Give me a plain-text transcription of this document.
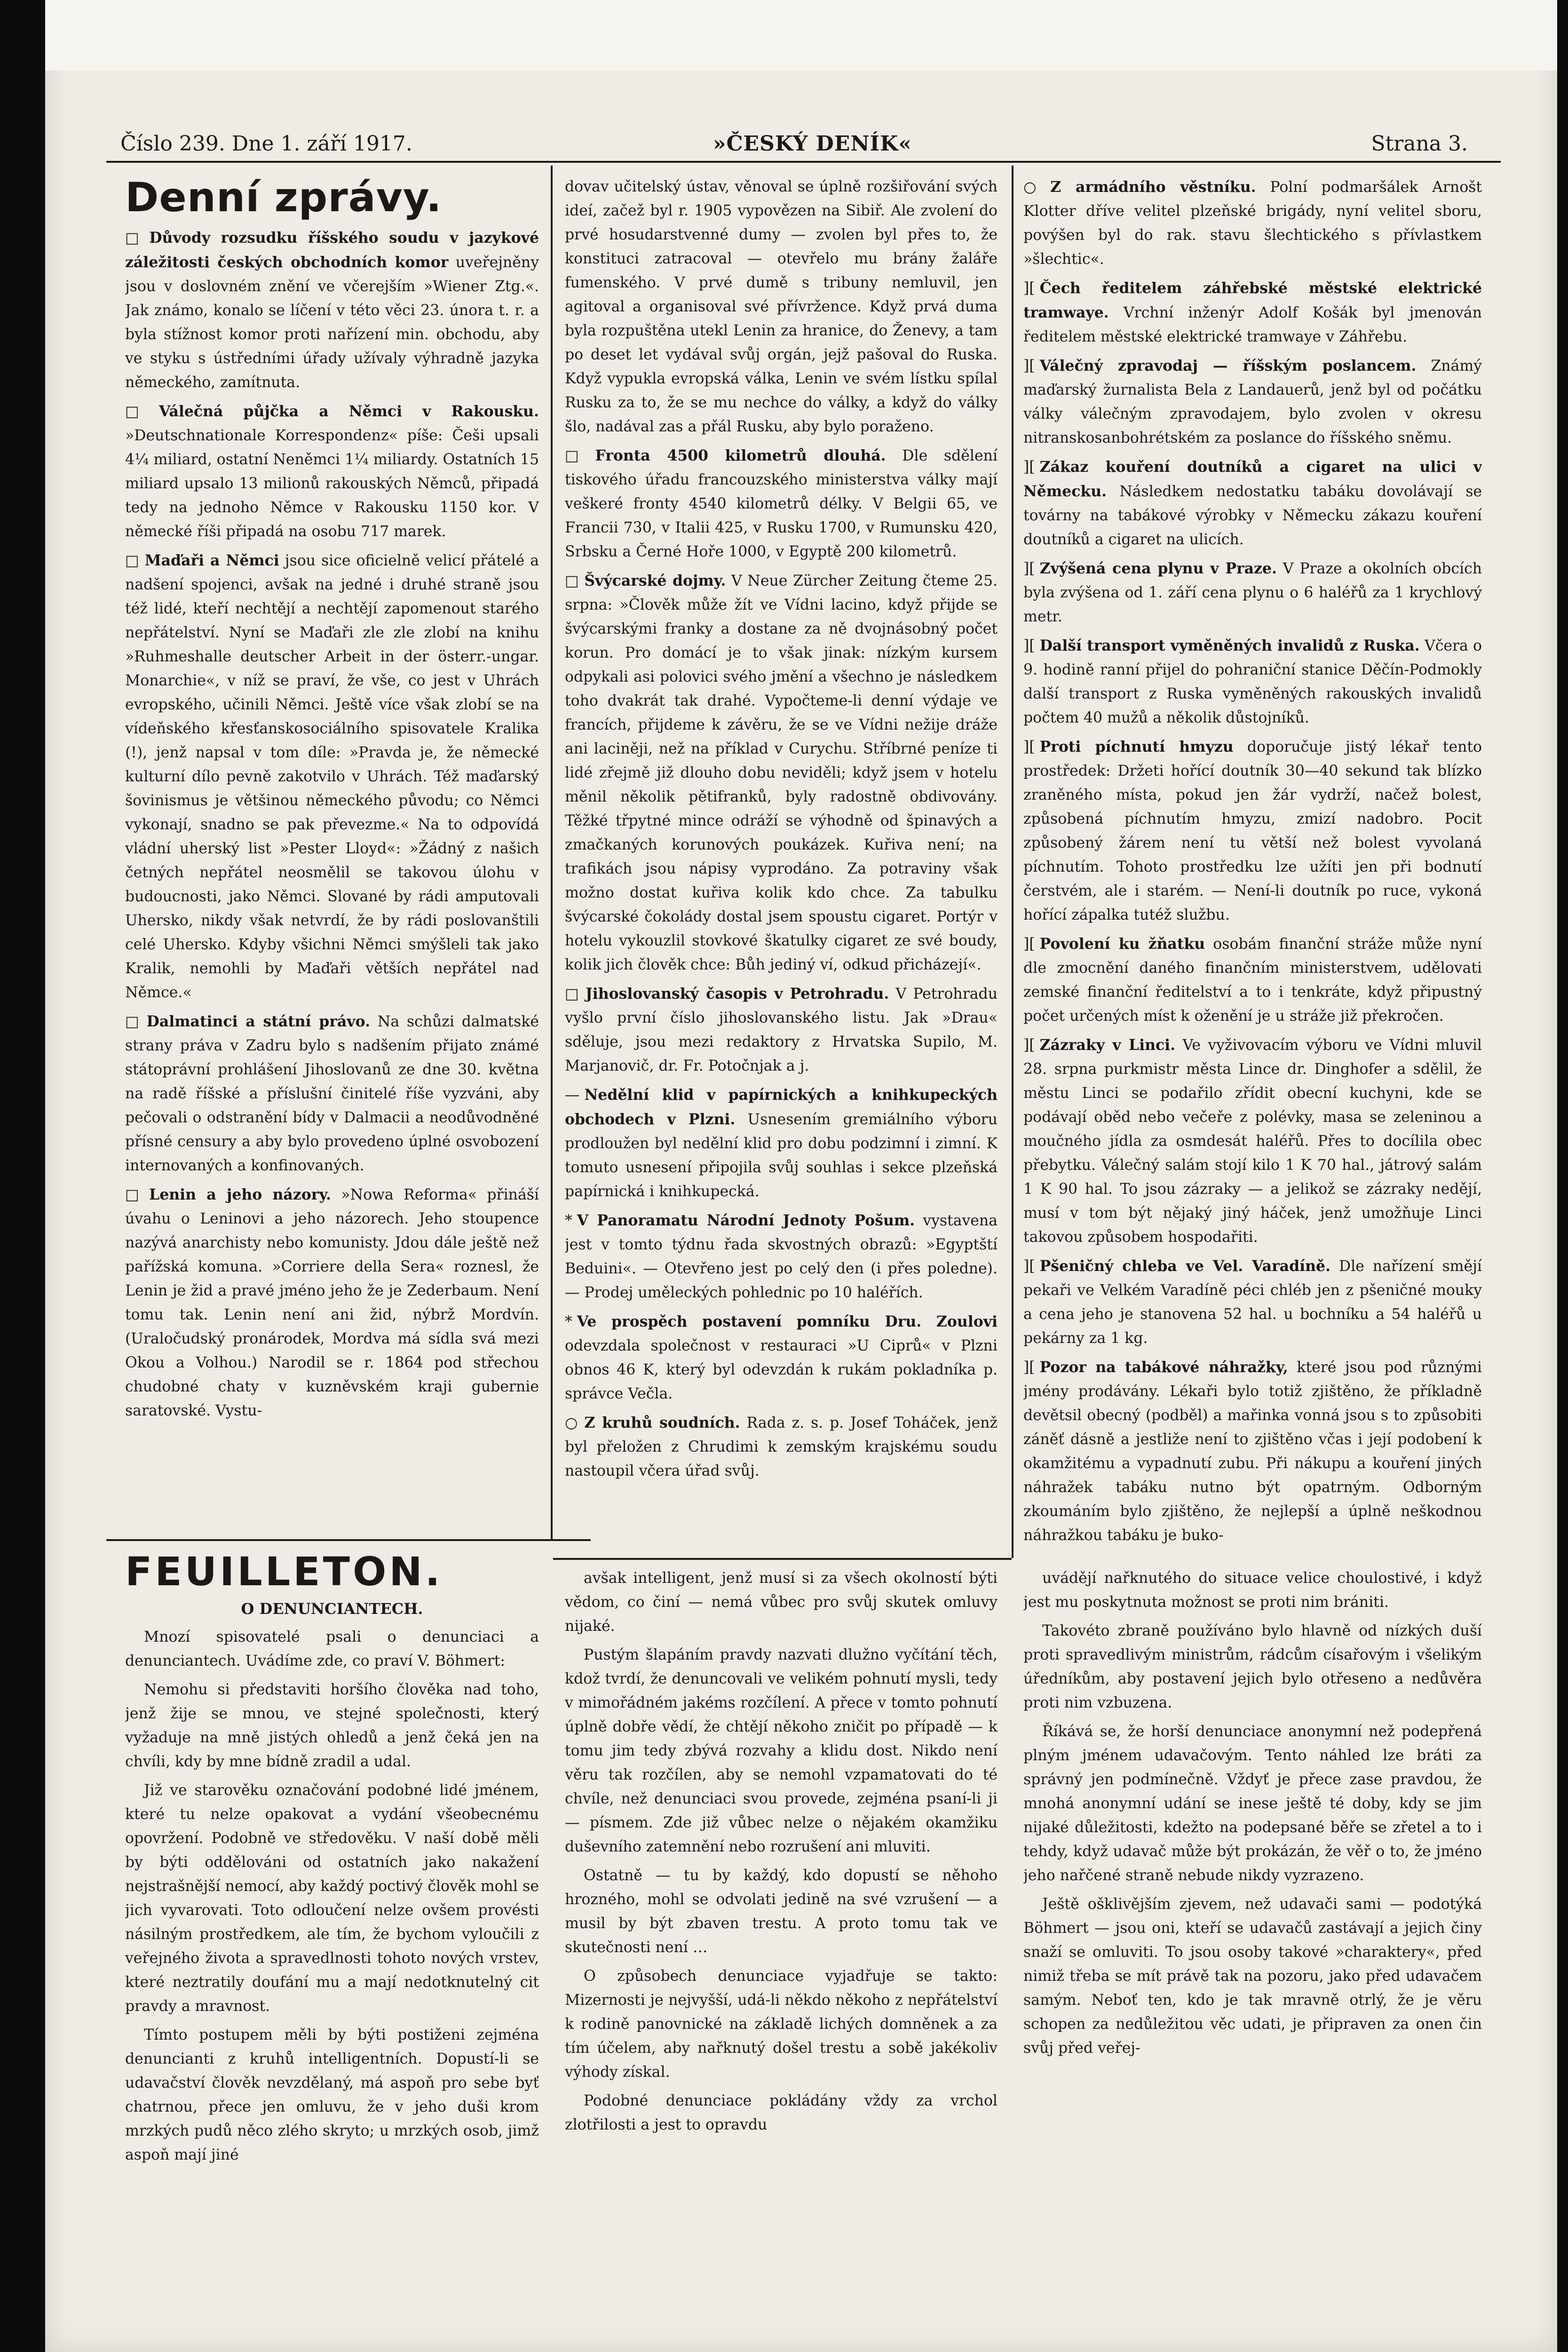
Číslo 239. Dne 1. září 1917.	»ČESKÝ DENÍK«	Strana 3.
Denní zprávy.

□ Důvody rozsudku říšského soudu v jazykové záležitosti českých obchodních komor uveřejněny jsou v doslovném znění ve včerejším »Wiener Ztg.«. Jak známo, konalo se líčení v této věci 23. února t. r. a byla stížnost komor proti nařízení min. obchodu, aby ve styku s ústředními úřady užívaly výhradně jazyka německého, zamítnuta.

□ Válečná půjčka a Němci v Rakousku. »Deutschnationale Korrespondenz« píše: Češi upsali 4¼ miliard, ostatní Neněmci 1¼ miliardy. Ostatních 15 miliard upsalo 13 milionů rakouských Němců, připadá tedy na jednoho Němce v Rakousku 1150 kor. V německé říši připadá na osobu 717 marek.

□ Maďaři a Němci jsou sice oficielně velicí přátelé a nadšení spojenci, avšak na jedné i druhé straně jsou též lidé, kteří nechtějí a nechtějí zapomenout starého nepřátelství. Nyní se Maďaři zle zle zlobí na knihu »Ruhmeshalle deutscher Arbeit in der österr.-ungar. Monarchie«, v níž se praví, že vše, co jest v Uhrách evropského, učinili Němci. Ještě více však zlobí se na vídeňského křesťanskosociálního spisovatele Kralika (!), jenž napsal v tom díle: »Pravda je, že německé kulturní dílo pevně zakotvilo v Uhrách. Též maďarský šovinismus je většinou německého původu; co Němci vykonají, snadno se pak převezme.« Na to odpovídá vládní uherský list »Pester Lloyd«: »Žádný z našich četných nepřátel neosmělil se takovou úlohu v budoucnosti, jako Němci. Slované by rádi amputovali Uhersko, nikdy však netvrdí, že by rádi poslovanštili celé Uhersko. Kdyby všichni Němci smýšleli tak jako Kralik, nemohli by Maďaři větších nepřátel nad Němce.«

□ Dalmatinci a státní právo. Na schůzi dalmatské strany práva v Zadru bylo s nadšením přijato známé státoprávní prohlášení Jihoslovanů ze dne 30. května na radě říšské a příslušní činitelé říše vyzváni, aby pečovali o odstranění bídy v Dalmacii a neodůvodněné přísné censury a aby bylo provedeno úplné osvobození internovaných a konfinovaných.

□ Lenin a jeho názory. »Nowa Reforma« přináší úvahu o Leninovi a jeho názorech. Jeho stoupence nazývá anarchisty nebo komunisty. Jdou dále ještě než pařížská komuna. »Corriere della Sera« roznesl, že Lenin je žid a pravé jméno jeho že je Zederbaum. Není tomu tak. Lenin není ani žid, nýbrž Mordvín. (Uraločudský pronárodek, Mordva má sídla svá mezi Okou a Volhou.) Narodil se r. 1864 pod střechou chudobné chaty v kuzněvském kraji gubernie saratovské. Vystu-

dovav učitelský ústav, věnoval se úplně rozšiřování svých ideí, začež byl r. 1905 vypovězen na Sibiř. Ale zvolení do prvé hosudarstvenné dumy — zvolen byl přes to, že konstituci zatracoval — otevřelo mu brány žaláře fumenského. V prvé dumě s tribuny nemluvil, jen agitoval a organisoval své přívržence. Když prvá duma byla rozpuštěna utekl Lenin za hranice, do Ženevy, a tam po deset let vydával svůj orgán, jejž pašoval do Ruska. Když vypukla evropská válka, Lenin ve svém lístku spílal Rusku za to, že se mu nechce do války, a když do války šlo, nadával zas a přál Rusku, aby bylo poraženo.

□ Fronta 4500 kilometrů dlouhá. Dle sdělení tiskového úřadu francouzského ministerstva války mají veškeré fronty 4540 kilometrů délky. V Belgii 65, ve Francii 730, v Italii 425, v Rusku 1700, v Rumunsku 420, Srbsku a Černé Hoře 1000, v Egyptě 200 kilometrů.

□ Švýcarské dojmy. V Neue Zürcher Zeitung čteme 25. srpna: »Člověk může žít ve Vídni lacino, když přijde se švýcarskými franky a dostane za ně dvojnásobný počet korun. Pro domácí je to však jinak: nízkým kursem odpykali asi polovici svého jmění a všechno je následkem toho dvakrát tak drahé. Vypočteme-li denní výdaje ve francích, přijdeme k závěru, že se ve Vídni nežije dráže ani laciněji, než na příklad v Curychu. Stříbrné peníze ti lidé zřejmě již dlouho dobu neviděli; když jsem v hotelu měnil několik pětifranků, byly radostně obdivovány. Těžké třpytné mince odráží se výhodně od špinavých a zmačkaných korunových poukázek. Kuřiva není; na trafikách jsou nápisy vyprodáno. Za potraviny však možno dostat kuřiva kolik kdo chce. Za tabulku švýcarské čokolády dostal jsem spoustu cigaret. Portýr v hotelu vykouzlil stovkové škatulky cigaret ze své boudy, kolik jich člověk chce: Bůh jediný ví, odkud přicházejí«.

□ Jihoslovanský časopis v Petrohradu. V Petrohradu vyšlo první číslo jihoslovanského listu. Jak »Drau« sděluje, jsou mezi redaktory z Hrvatska Supilo, M. Marjanovič, dr. Fr. Potočnjak a j.

— Nedělní klid v papírnických a knihkupeckých obchodech v Plzni. Usnesením gremiálního výboru prodloužen byl nedělní klid pro dobu podzimní i zimní. K tomuto usnesení připojila svůj souhlas i sekce plzeňská papírnická i knihkupecká.

* V Panoramatu Národní Jednoty Pošum. vystavena jest v tomto týdnu řada skvostných obrazů: »Egyptští Beduini«. — Otevřeno jest po celý den (i přes poledne). — Prodej uměleckých pohlednic po 10 haléřích.

* Ve prospěch postavení pomníku Dru. Zoulovi odevzdala společnost v restauraci »U Ciprů« v Plzni obnos 46 K, který byl odevzdán k rukám pokladníka p. správce Večla.

○ Z kruhů soudních. Rada z. s. p. Josef Toháček, jenž byl přeložen z Chrudimi k zemským krajskému soudu nastoupil včera úřad svůj.

○ Z armádního věstníku. Polní podmaršálek Arnošt Klotter dříve velitel plzeňské brigády, nyní velitel sboru, povýšen byl do rak. stavu šlechtického s přívlastkem »šlechtic«.

][ Čech ředitelem záhřebské městské elektrické tramwaye. Vrchní inženýr Adolf Košák byl jmenován ředitelem městské elektrické tramwaye v Záhřebu.

][ Válečný zpravodaj — říšským poslancem. Známý maďarský žurnalista Bela z Landauerů, jenž byl od počátku války válečným zpravodajem, bylo zvolen v okresu nitranskosanbohrétském za poslance do říšského sněmu.

][ Zákaz kouření doutníků a cigaret na ulici v Německu. Následkem nedostatku tabáku dovolávají se továrny na tabákové výrobky v Německu zákazu kouření doutníků a cigaret na ulicích.

][ Zvýšená cena plynu v Praze. V Praze a okolních obcích byla zvýšena od 1. září cena plynu o 6 haléřů za 1 krychlový metr.

][ Další transport vyměněných invalidů z Ruska. Včera o 9. hodině ranní přijel do pohraniční stanice Děčín-Podmokly další transport z Ruska vyměněných rakouských invalidů počtem 40 mužů a několik důstojníků.

][ Proti píchnutí hmyzu doporučuje jistý lékař tento prostředek: Držeti hořící doutník 30—40 sekund tak blízko zraněného místa, pokud jen žár vydrží, načež bolest, způsobená píchnutím hmyzu, zmizí nadobro. Pocit způsobený žárem není tu větší než bolest vyvolaná píchnutím. Tohoto prostředku lze užíti jen při bodnutí čerstvém, ale i starém. — Není-li doutník po ruce, vykoná hořící zápalka tutéž službu.

][ Povolení ku žňatku osobám finanční stráže může nyní dle zmocnění daného finančním ministerstvem, udělovati zemské finanční ředitelství a to i tenkráte, když připustný počet určených míst k oženění je u stráže již překročen.

][ Zázraky v Linci. Ve vyživovacím výboru ve Vídni mluvil 28. srpna purkmistr města Lince dr. Dinghofer a sdělil, že městu Linci se podařilo zřídit obecní kuchyni, kde se podávají oběd nebo večeře z polévky, masa se zeleninou a moučného jídla za osmdesát haléřů. Přes to docílila obec přebytku. Válečný salám stojí kilo 1 K 70 hal., játrový salám 1 K 90 hal. To jsou zázraky — a jelikož se zázraky nedějí, musí v tom být nějaký jiný háček, jenž umožňuje Linci takovou způsobem hospodařiti.

][ Pšeničný chleba ve Vel. Varadíně. Dle nařízení smějí pekaři ve Velkém Varadíně péci chléb jen z pšeničné mouky a cena jeho je stanovena 52 hal. u bochníku a 54 haléřů u pekárny za 1 kg.

][ Pozor na tabákové náhražky, které jsou pod různými jmény prodávány. Lékaři bylo totiž zjištěno, že příkladně devětsil obecný (podběl) a mařinka vonná jsou s to způsobiti záněť dásně a jestliže není to zjištěno včas i její podobení k okamžitému a vypadnutí zubu. Při nákupu a kouření jiných náhražek tabáku nutno být opatrným. Odborným zkoumáním bylo zjištěno, že nejlepší a úplně neškodnou náhražkou tabáku je buko-

FEUILLETON.
O DENUNCIANTECH.

Mnozí spisovatelé psali o denunciaci a denunciantech. Uvádíme zde, co praví V. Böhmert:

Nemohu si představiti horšího člověka nad toho, jenž žije se mnou, ve stejné společnosti, který vyžaduje na mně jistých ohledů a jenž čeká jen na chvíli, kdy by mne bídně zradil a udal.

Již ve starověku označování podobné lidé jménem, které tu nelze opakovat a vydání všeobecnému opovržení. Podobně ve středověku. V naší době měli by býti oddělováni od ostatních jako nakažení nejstrašnější nemocí, aby každý poctivý člověk mohl se jich vyvarovati. Toto odloučení nelze ovšem provésti násilným prostředkem, ale tím, že bychom vyloučili z veřejného života a spravedlnosti tohoto nových vrstev, které neztratily doufání mu a mají nedotknutelný cit pravdy a mravnost.

Tímto postupem měli by býti postiženi zejména denuncianti z kruhů intelligentních. Dopustí-li se udavačství člověk nevzdělaný, má aspoň pro sebe byť chatrnou, přece jen omluvu, že v jeho duši krom mrzkých pudů něco zlého skryto; u mrzkých osob, jimž aspoň mají jiné

avšak intelligent, jenž musí si za všech okolností býti vědom, co činí — nemá vůbec pro svůj skutek omluvy nijaké.

Pustým šlapáním pravdy nazvati dlužno vyčítání těch, kdož tvrdí, že denuncovali ve velikém pohnutí mysli, tedy v mimořádném jakéms rozčílení. A přece v tomto pohnutí úplně dobře vědí, že chtějí někoho zničit po případě — k tomu jim tedy zbývá rozvahy a klidu dost. Nikdo není věru tak rozčílen, aby se nemohl vzpamatovati do té chvíle, než denunciaci svou provede, zejména psaní-li ji — písmem. Zde již vůbec nelze o nějakém okamžiku duševního zatemnění nebo rozrušení ani mluviti.

Ostatně — tu by každý, kdo dopustí se něhoho hrozného, mohl se odvolati jedině na své vzrušení — a musil by být zbaven trestu. A proto tomu tak ve skutečnosti není …

O způsobech denunciace vyjadřuje se takto: Mizernosti je nejvyšší, udá-li někdo někoho z nepřátelství k rodině panovnické na základě lichých domněnek a za tím účelem, aby nařknutý došel trestu a sobě jakékoliv výhody získal.

Podobné denunciace pokládány vždy za vrchol zlotřilosti a jest to opravdu

uvádějí nařknutého do situace velice choulostivé, i když jest mu poskytnuta možnost se proti nim brániti.

Takovéto zbraně používáno bylo hlavně od nízkých duší proti spravedlivým ministrům, rádcům císařovým i všelikým úředníkům, aby postavení jejich bylo otřeseno a nedůvěra proti nim vzbuzena.

Říkává se, že horší denunciace anonymní než podepřená plným jménem udavačovým. Tento náhled lze bráti za správný jen podmínečně. Vždyť je přece zase pravdou, že mnohá anonymní udání se inese ještě té doby, kdy se jim nijaké důležitosti, kdežto na podepsané běře se zřetel a to i tehdy, když udavač může být prokázán, že věř o to, že jméno jeho nařčené straně nebude nikdy vyzrazeno.

Ještě ošklivějším zjevem, než udavači sami — podotýká Böhmert — jsou oni, kteří se udavačů zastávají a jejich činy snaží se omluviti. To jsou osoby takové »charaktery«, před nimiž třeba se mít právě tak na pozoru, jako před udavačem samým. Neboť ten, kdo je tak mravně otrlý, že je věru schopen za nedůležitou věc udati, je připraven za onen čin svůj před veřej-
